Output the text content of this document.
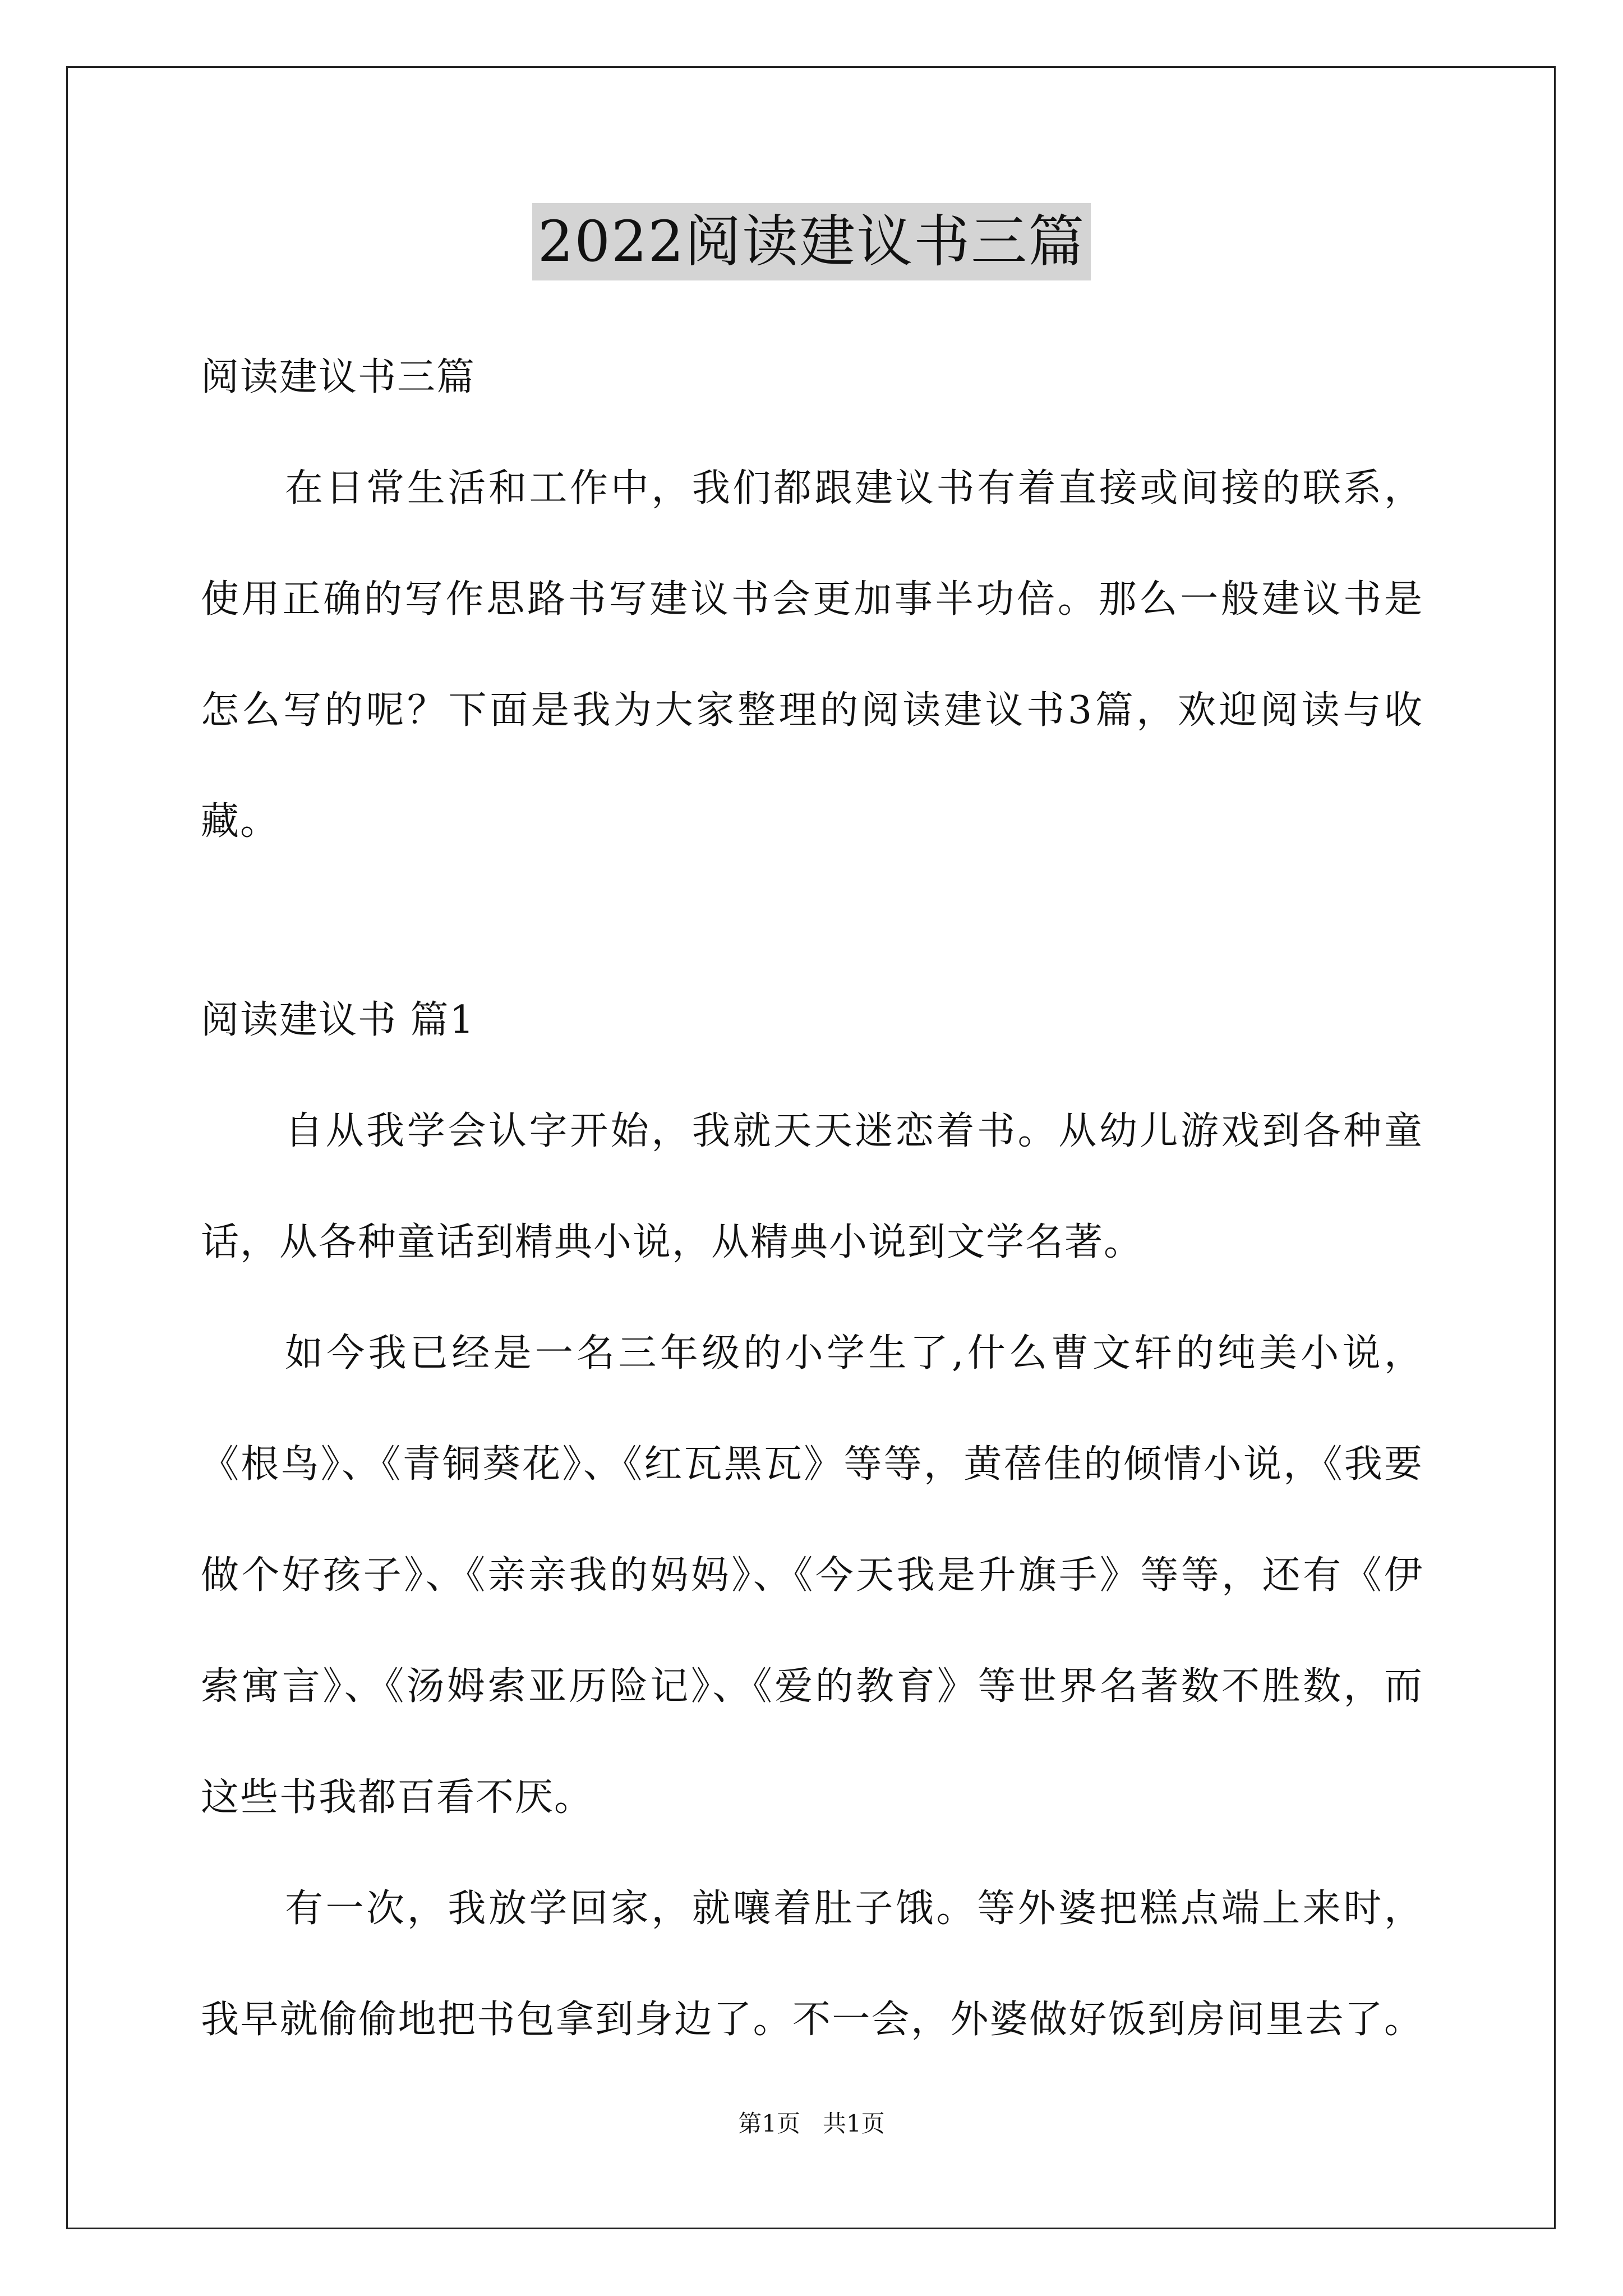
2022阅读建议书三篇
阅读建议书三篇
在日常生活和工作中，我们都跟建议书有着直接或间接的联系，
使用正确的写作思路书写建议书会更加事半功倍。那么一般建议书是
怎么写的呢？下面是我为大家整理的阅读建议书3篇，欢迎阅读与收
藏。
阅读建议书 篇1
自从我学会认字开始，我就天天迷恋着书。从幼儿游戏到各种童
话，从各种童话到精典小说，从精典小说到文学名著。
如今我已经是一名三年级的小学生了,什么曹文轩的纯美小说，
《根鸟》、《青铜葵花》、《红瓦黑瓦》等等，黄蓓佳的倾情小说，《我要
做个好孩子》、《亲亲我的妈妈》、《今天我是升旗手》等等，还有《伊
索寓言》、《汤姆索亚历险记》、《爱的教育》等世界名著数不胜数，而
这些书我都百看不厌。
有一次，我放学回家，就嚷着肚子饿。等外婆把糕点端上来时，
我早就偷偷地把书包拿到身边了。不一会，外婆做好饭到房间里去了。
第1页   共1页
